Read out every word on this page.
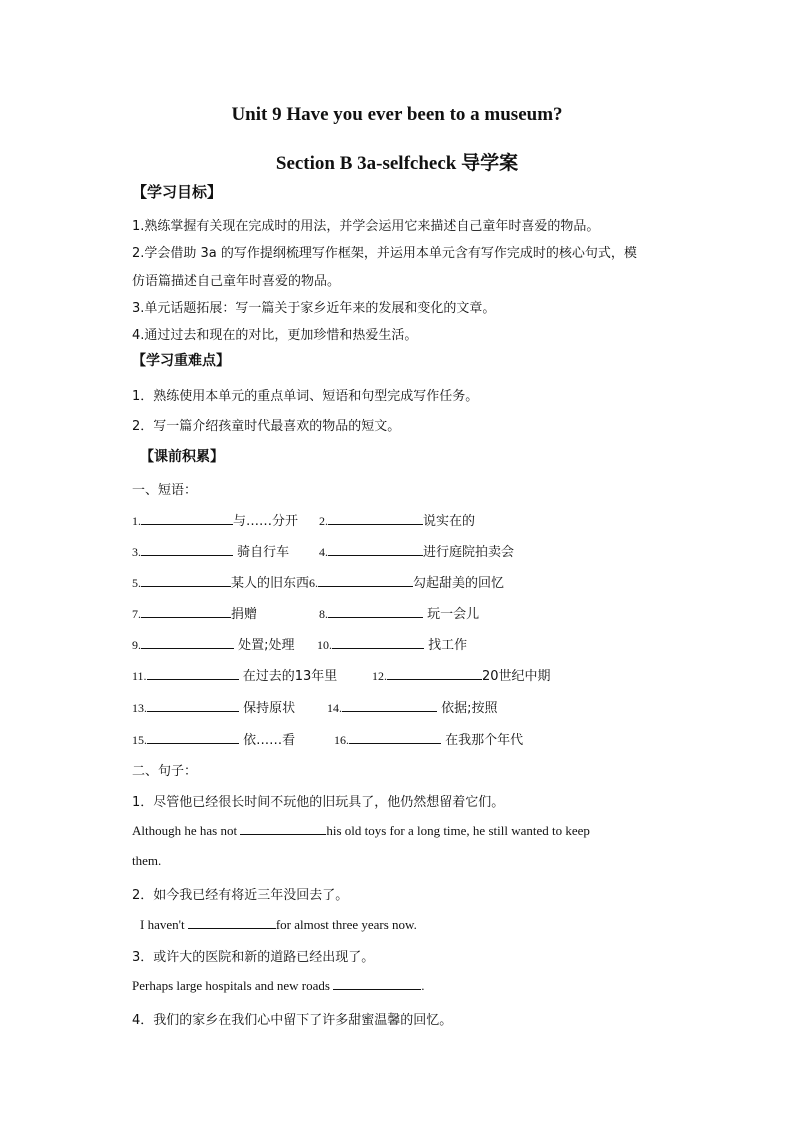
Unit 9 Have you ever been to a museum?
Section B 3a-selfcheck 导学案
【学习目标】
1.熟练掌握有关现在完成时的用法，并学会运用它来描述自己童年时喜爱的物品。
2.学会借助 3a 的写作提纲梳理写作框架，并运用本单元含有写作完成时的核心句式，模
仿语篇描述自己童年时喜爱的物品。
3.单元话题拓展：写一篇关于家乡近年来的发展和变化的文章。
4.通过过去和现在的对比，更加珍惜和热爱生活。
【学习重难点】
1．熟练使用本单元的重点单词、短语和句型完成写作任务。
2．写一篇介绍孩童时代最喜欢的物品的短文。
【课前积累】
一、短语：
1.	与……分开 2.	说实在的
3.	骑自行车 4.	进行庭院拍卖会
5.	某人的旧东西6.	勾起甜美的回忆
7.	捐赠	8.	玩一会儿
9.	处置;处理 10.	找工作
11.	在过去的13年里	12.	20世纪中期
13.	保持原状	14.	依据;按照
15.	依……看	16.	在我那个年代
二、句子：
1．尽管他已经很长时间不玩他的旧玩具了，他仍然想留着它们。
Although he has not	his old toys for a long time, he still wanted to keep
them.
2．如今我已经有将近三年没回去了。
I haven't	for almost three years now.
3．或许大的医院和新的道路已经出现了。
Perhaps large hospitals and new roads	.
4．我们的家乡在我们心中留下了许多甜蜜温馨的回忆。
